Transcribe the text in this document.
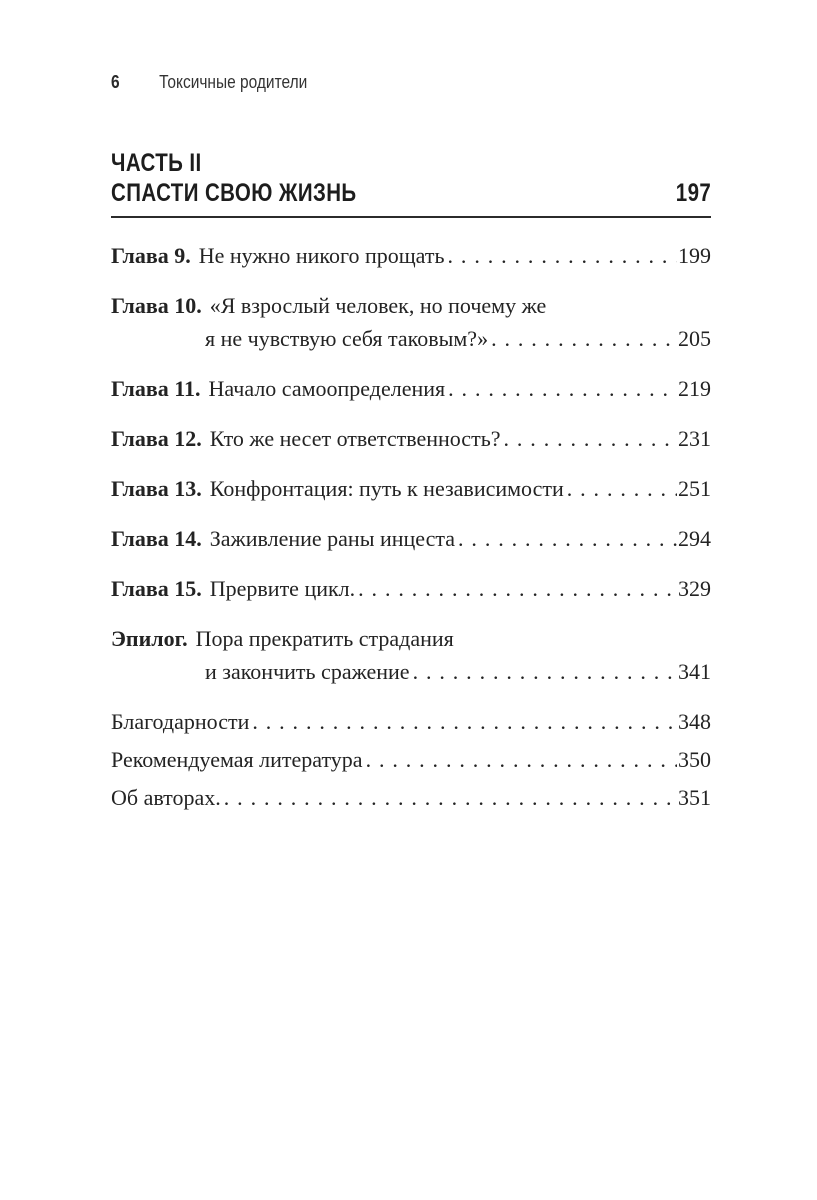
6 Токсичные родители
ЧАСТЬ II
СПАСТИ СВОЮ ЖИЗНЬ	197
Глава 9. Не нужно никого прощать . . .	199
Глава 10. «Я взрослый человек, но почему же
я не чувствую себя таковым?» . . .	205
Глава 11. Начало самоопределения . . .	219
Глава 12. Кто же несет ответственность? . . .	231
Глава 13. Конфронтация: путь к независимости . . .	251
Глава 14. Заживление раны инцеста . . .	294
Глава 15. Прервите цикл. . . .	329
Эпилог. Пора прекратить страдания
и закончить сражение . . .	341
Благодарности . . .	348
Рекомендуемая литература . . .	350
Об авторах. . . .	351
